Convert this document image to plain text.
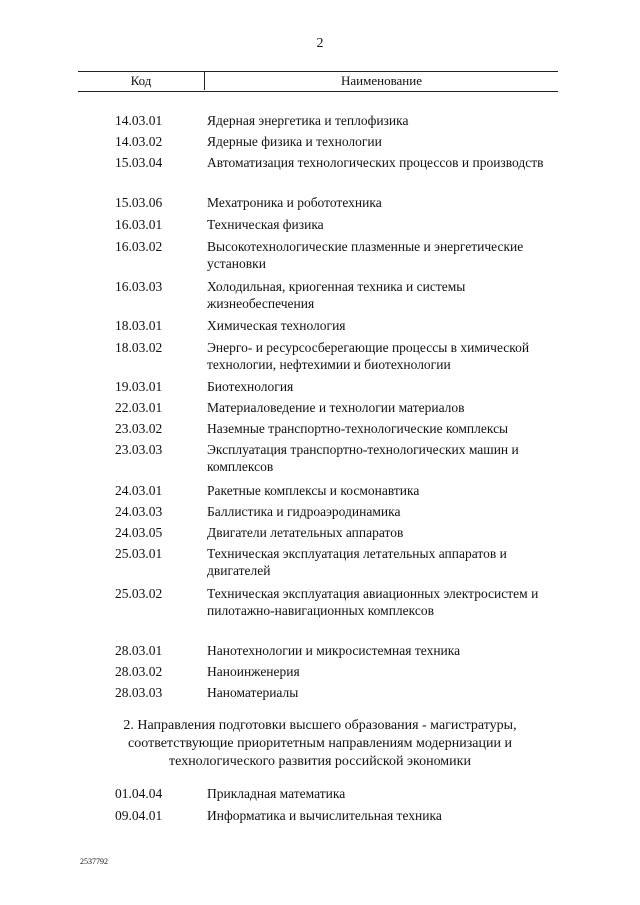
2
Код	Наименование
14.03.01	Ядерная энергетика и теплофизика
14.03.02	Ядерные физика и технологии
15.03.04	Автоматизация технологических процессов и производств
15.03.06	Мехатроника и робототехника
16.03.01	Техническая физика
16.03.02	Высокотехнологические плазменные и энергетические установки
16.03.03	Холодильная, криогенная техника и системы жизнеобеспечения
18.03.01	Химическая технология
18.03.02	Энерго- и ресурсосберегающие процессы в химической технологии, нефтехимии и биотехнологии
19.03.01	Биотехнология
22.03.01	Материаловедение и технологии материалов
23.03.02	Наземные транспортно-технологические комплексы
23.03.03	Эксплуатация транспортно-технологических машин и комплексов
24.03.01	Ракетные комплексы и космонавтика
24.03.03	Баллистика и гидроаэродинамика
24.03.05	Двигатели летательных аппаратов
25.03.01	Техническая эксплуатация летательных аппаратов и двигателей
25.03.02	Техническая эксплуатация авиационных электросистем и пилотажно-навигационных комплексов
28.03.01	Нанотехнологии и микросистемная техника
28.03.02	Наноинженерия
28.03.03	Наноматериалы
2. Направления подготовки высшего образования - магистратуры, соответствующие приоритетным направлениям модернизации и технологического развития российской экономики
01.04.04	Прикладная математика
09.04.01	Информатика и вычислительная техника
2537792
